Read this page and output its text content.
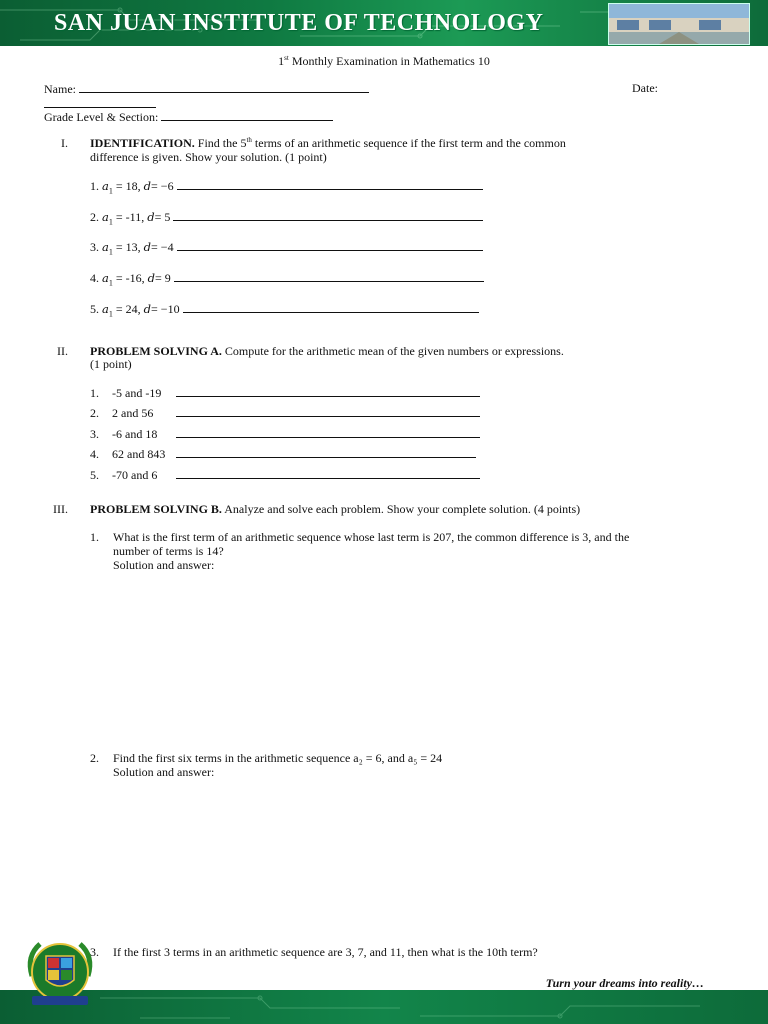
SAN JUAN INSTITUTE OF TECHNOLOGY
1st Monthly Examination in Mathematics 10
Name:	Date:
Grade Level & Section:
I. IDENTIFICATION. Find the 5th terms of an arithmetic sequence if the first term and the common
difference is given. Show your solution. (1 point)
1. $a_1 = 18$, d= −6
2. $a_1 = -11$, d= 5
3. $a_1 = 13$, d= −4
4. $a_1 = -16$, d= 9
5. $a_1 = 24$, d= −10
II. PROBLEM SOLVING A. Compute for the arithmetic mean of the given numbers or expressions.
(1 point)
1. -5 and -19
2. 2 and 56
3. -6 and 18
4. 62 and 843
5. -70 and 6
III. PROBLEM SOLVING B. Analyze and solve each problem. Show your complete solution. (4 points)
1. What is the first term of an arithmetic sequence whose last term is 207, the common difference is 3, and the
number of terms is 14?
Solution and answer:
2. Find the first six terms in the arithmetic sequence a₂ = 6, and a₅ = 24
Solution and answer:
3. If the first 3 terms in an arithmetic sequence are 3, 7, and 11, then what is the 10th term?
Turn your dreams into reality…
